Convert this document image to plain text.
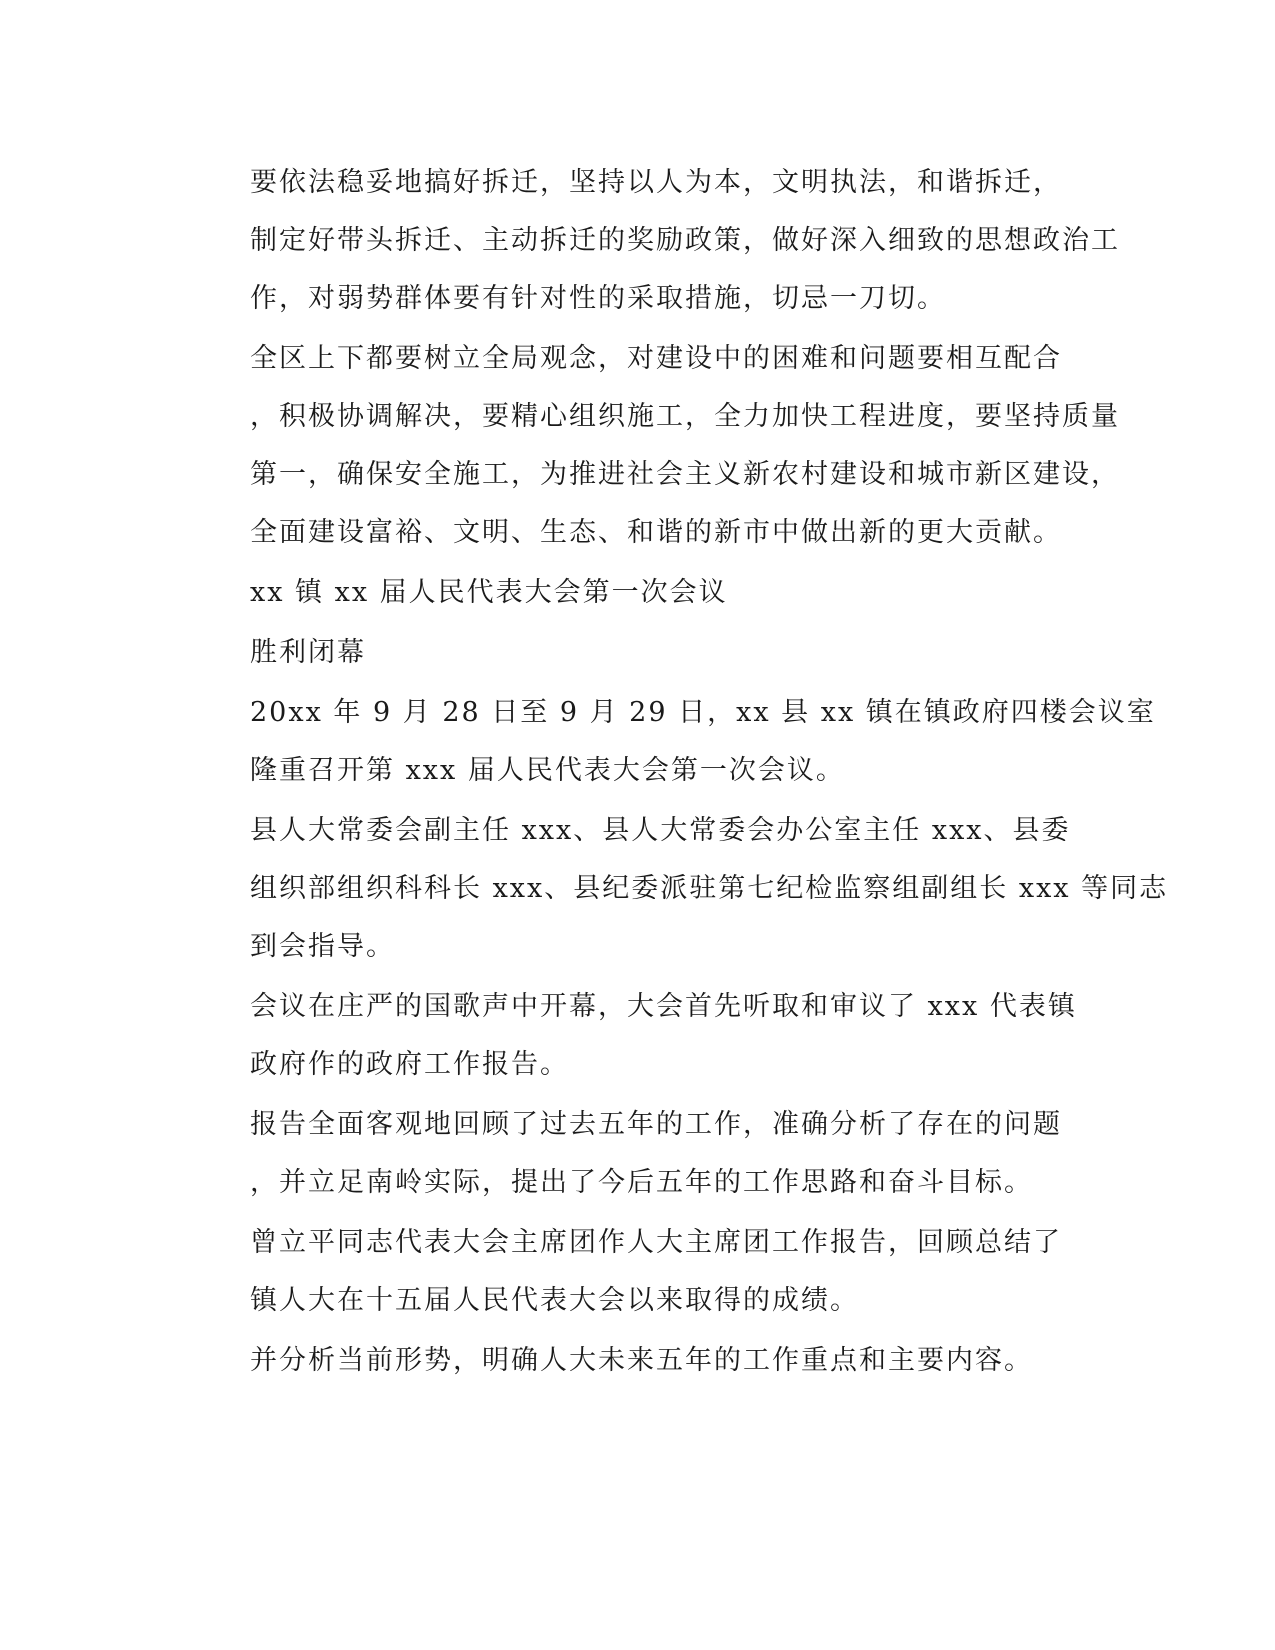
要依法稳妥地搞好拆迁，坚持以人为本，文明执法，和谐拆迁，
制定好带头拆迁、主动拆迁的奖励政策，做好深入细致的思想政治工
作，对弱势群体要有针对性的采取措施，切忌一刀切。

全区上下都要树立全局观念，对建设中的困难和问题要相互配合
，积极协调解决，要精心组织施工，全力加快工程进度，要坚持质量
第一，确保安全施工，为推进社会主义新农村建设和城市新区建设，
全面建设富裕、文明、生态、和谐的新市中做出新的更大贡献。

xx 镇 xx 届人民代表大会第一次会议

胜利闭幕

20xx 年 9 月 28 日至 9 月 29 日，xx 县 xx 镇在镇政府四楼会议室
隆重召开第 xxx 届人民代表大会第一次会议。

县人大常委会副主任 xxx、县人大常委会办公室主任 xxx、县委
组织部组织科科长 xxx、县纪委派驻第七纪检监察组副组长 xxx 等同志
到会指导。

会议在庄严的国歌声中开幕，大会首先听取和审议了 xxx 代表镇
政府作的政府工作报告。

报告全面客观地回顾了过去五年的工作，准确分析了存在的问题
，并立足南岭实际，提出了今后五年的工作思路和奋斗目标。

曾立平同志代表大会主席团作人大主席团工作报告，回顾总结了
镇人大在十五届人民代表大会以来取得的成绩。

并分析当前形势，明确人大未来五年的工作重点和主要内容。
